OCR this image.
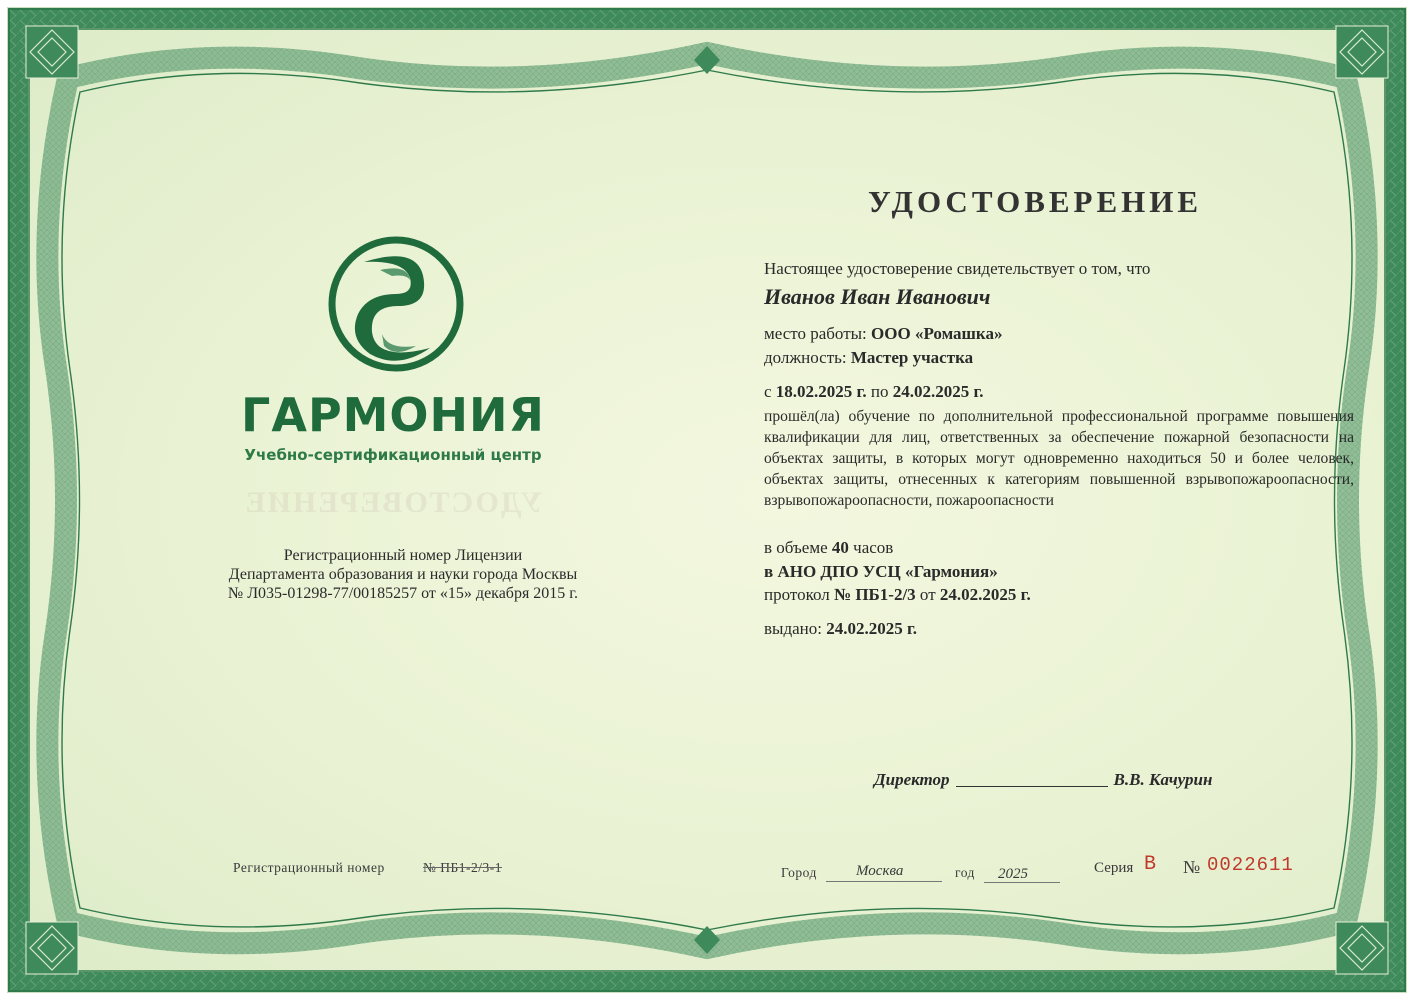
ГАРМОНИЯ
Учебно-сертификационный центр
УДОСТОВЕРЕНИЕ
Регистрационный номер Лицензии
Департамента образования и науки города Москвы
№ Л035-01298-77/00185257 от «15» декабря 2015 г.
УДОСТОВЕРЕНИЕ
Настоящее удостоверение свидетельствует о том, что
Иванов Иван Иванович
место работы: ООО «Ромашка»
должность: Мастер участка
с 18.02.2025 г. по 24.02.2025 г.
прошёл(ла) обучение по дополнительной профессиональной программе повышения квалификации для лиц, ответственных за обеспечение пожарной безопасности на объектах защиты, в которых могут одновременно находиться 50 и более человек, объектах защиты, отнесенных к категориям повышенной взрывопожароопасности, взрывопожароопасности, пожароопасности
в объеме 40 часов
в АНО ДПО УСЦ «Гармония»
протокол № ПБ1-2/3 от 24.02.2025 г.
выдано: 24.02.2025 г.
Директор	В.В. Качурин
Регистрационный номер	№ ПБ1-2/3-1	Город	Москва	год 2025	Серия В № 0022611
